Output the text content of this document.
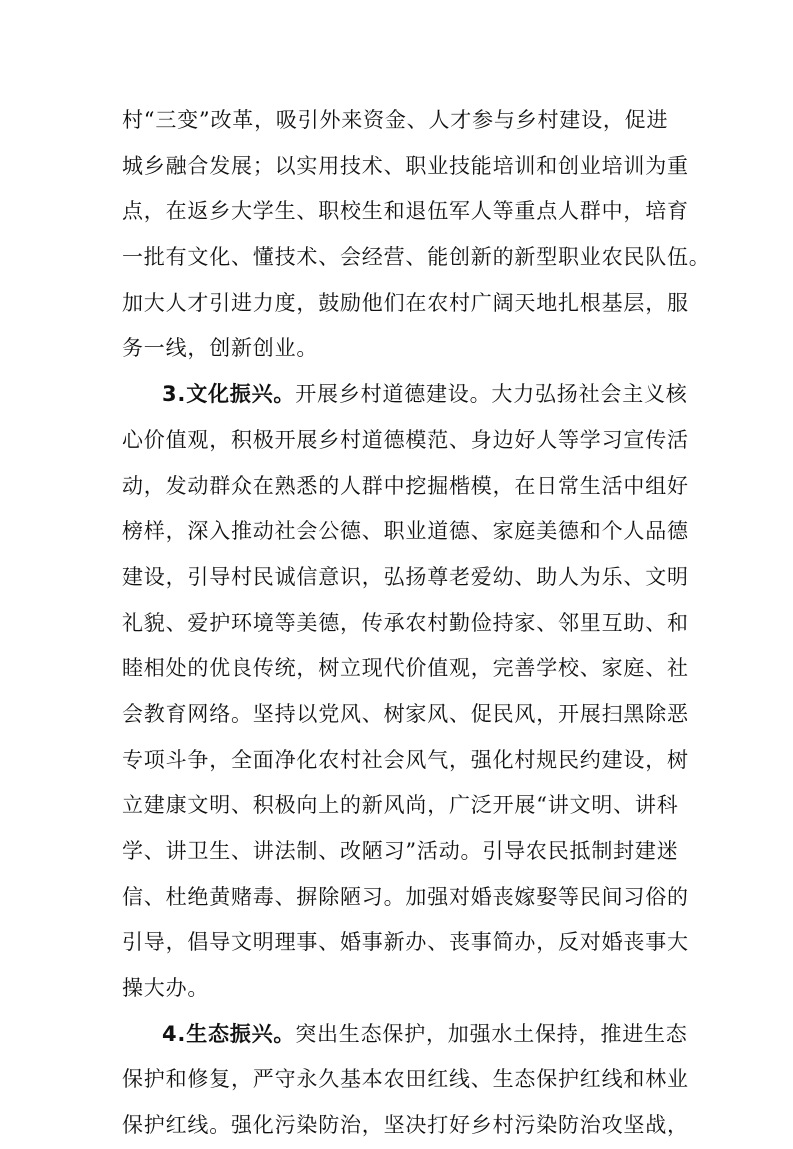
村“三变”改革，吸引外来资金、人才参与乡村建设，促进
城乡融合发展；以实用技术、职业技能培训和创业培训为重
点，在返乡大学生、职校生和退伍军人等重点人群中，培育
一批有文化、懂技术、会经营、能创新的新型职业农民队伍。
加大人才引进力度，鼓励他们在农村广阔天地扎根基层，服
务一线，创新创业。
3.文化振兴。开展乡村道德建设。大力弘扬社会主义核
心价值观，积极开展乡村道德模范、身边好人等学习宣传活
动，发动群众在熟悉的人群中挖掘楷模，在日常生活中组好
榜样，深入推动社会公德、职业道德、家庭美德和个人品德
建设，引导村民诚信意识，弘扬尊老爱幼、助人为乐、文明
礼貌、爱护环境等美德，传承农村勤俭持家、邻里互助、和
睦相处的优良传统，树立现代价值观，完善学校、家庭、社
会教育网络。坚持以党风、树家风、促民风，开展扫黑除恶
专项斗争，全面净化农村社会风气，强化村规民约建设，树
立建康文明、积极向上的新风尚，广泛开展“讲文明、讲科
学、讲卫生、讲法制、改陋习”活动。引导农民抵制封建迷
信、杜绝黄赌毒、摒除陋习。加强对婚丧嫁娶等民间习俗的
引导，倡导文明理事、婚事新办、丧事简办，反对婚丧事大
操大办。
4.生态振兴。突出生态保护，加强水土保持，推进生态
保护和修复，严守永久基本农田红线、生态保护红线和林业
保护红线。强化污染防治，坚决打好乡村污染防治攻坚战，
